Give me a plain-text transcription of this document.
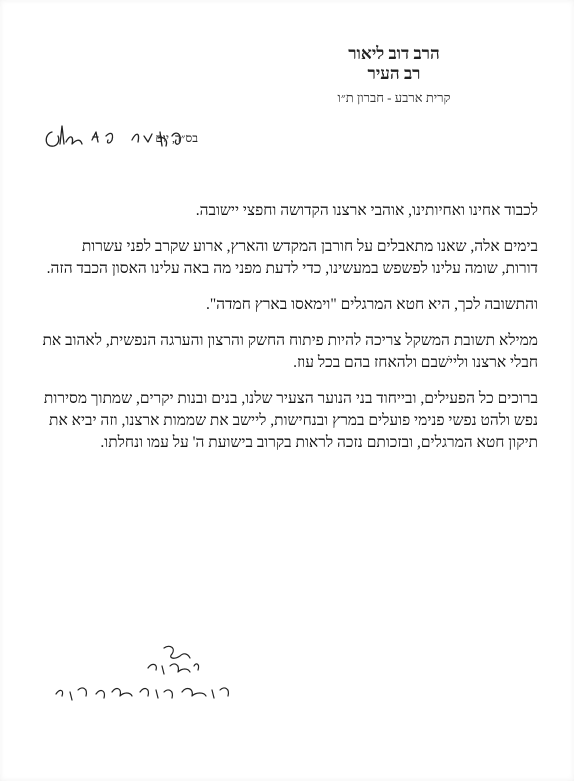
הרב דוב ליאור
רב העיר
קרית ארבע - חברון ת״ו
בס״ד, יום

לכבוד אחינו ואחיותינו, אוהבי ארצנו הקדושה וחפצי יישובה.

בימים אלה, שאנו מתאבלים על חורבן המקדש והארץ, ארוע שקרב לפני עשרות דורות, שומה עלינו לפשפש במעשינו, כדי לדעת מפני מה באה עלינו האסון הכבד הזה.

והתשובה לכך, היא חטא המרגלים "וימאסו בארץ חמדה".

ממילא תשובת המשקל צריכה להיות פיתוח החשק והרצון והערגה הנפשית, לאהוב את חבלי ארצנו ולייׁשבם ולהאחז בהם בכל עוז.

ברוכים כל הפעילים, ובייחוד בני הנוער הצעיר שלנו, בנים ובנות יקרים, שמתוך מסירות נפש ולהט נפשי פנימי פועלים במרץ ובנחישות, ליישב את שממות ארצנו, וזה יביא את תיקון חטא המרגלים, ובזכותם נזכה לראות בקרוב בישועת ה' על עמו ונחלתו.
